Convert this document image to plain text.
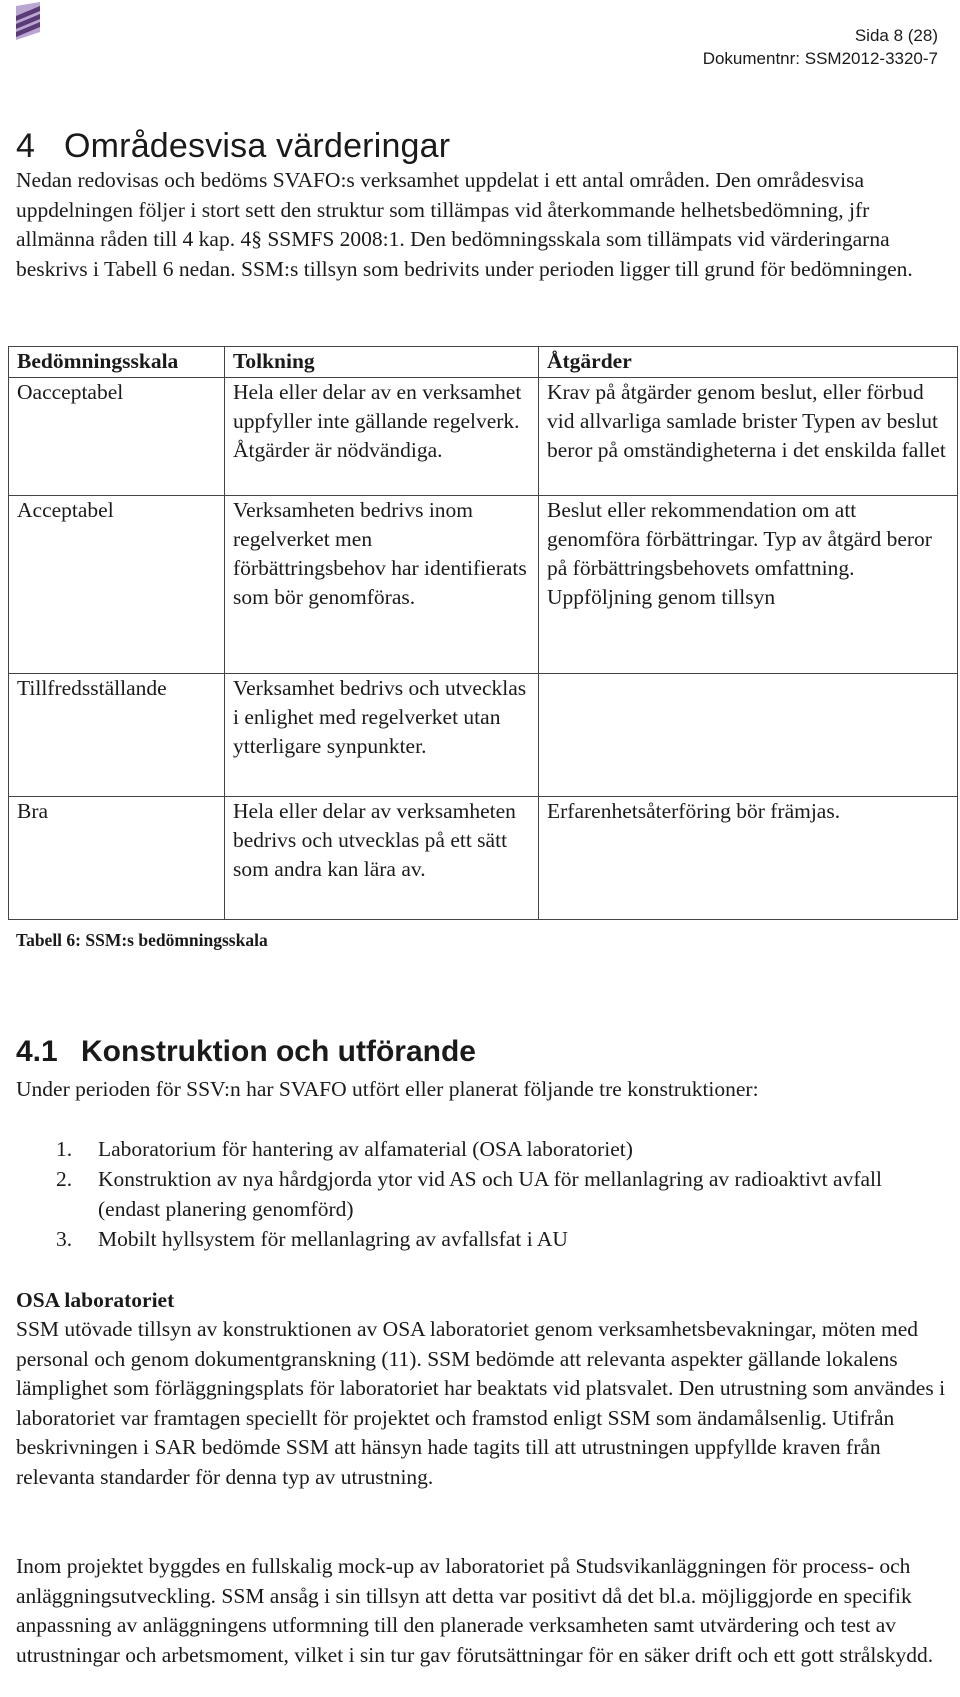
Sida 8 (28)
Dokumentnr: SSM2012-3320-7
4 Områdesvisa värderingar

Nedan redovisas och bedöms SVAFO:s verksamhet uppdelat i ett antal områden. Den områdesvisa uppdelningen följer i stort sett den struktur som tillämpas vid återkommande helhetsbedömning, jfr allmänna råden till 4 kap. 4§ SSMFS 2008:1. Den bedömningsskala som tillämpats vid värderingarna beskrivs i Tabell 6 nedan. SSM:s tillsyn som bedrivits under perioden ligger till grund för bedömningen.

Bedömningsskala	Tolkning	Åtgärder
Oacceptabel	Hela eller delar av en verksamhet uppfyller inte gällande regelverk. Åtgärder är nödvändiga.	Krav på åtgärder genom beslut, eller förbud vid allvarliga samlade brister Typen av beslut beror på omständigheterna i det enskilda fallet
Acceptabel	Verksamheten bedrivs inom regelverket men förbättringsbehov har identifierats som bör genomföras.	Beslut eller rekommendation om att genomföra förbättringar. Typ av åtgärd beror på förbättringsbehovets omfattning. Uppföljning genom tillsyn
Tillfredsställande	Verksamhet bedrivs och utvecklas i enlighet med regelverket utan ytterligare synpunkter.	
Bra	Hela eller delar av verksamheten bedrivs och utvecklas på ett sätt som andra kan lära av.	Erfarenhetsåterföring bör främjas.
Tabell 6: SSM:s bedömningsskala
4.1 Konstruktion och utförande
Under perioden för SSV:n har SVAFO utfört eller planerat följande tre konstruktioner:
1. Laboratorium för hantering av alfamaterial (OSA laboratoriet)
2. Konstruktion av nya hårdgjorda ytor vid AS och UA för mellanlagring av radioaktivt avfall (endast planering genomförd)
3. Mobilt hyllsystem för mellanlagring av avfallsfat i AU
OSA laboratoriet
SSM utövade tillsyn av konstruktionen av OSA laboratoriet genom verksamhetsbevakningar, möten med personal och genom dokumentgranskning (11). SSM bedömde att relevanta aspekter gällande lokalens lämplighet som förläggningsplats för laboratoriet har beaktats vid platsvalet. Den utrustning som användes i laboratoriet var framtagen speciellt för projektet och framstod enligt SSM som ändamålsenlig. Utifrån beskrivningen i SAR bedömde SSM att hänsyn hade tagits till att utrustningen uppfyllde kraven från relevanta standarder för denna typ av utrustning.
Inom projektet byggdes en fullskalig mock-up av laboratoriet på Studsvikanläggningen för process- och anläggningsutveckling. SSM ansåg i sin tillsyn att detta var positivt då det bl.a. möjliggjorde en specifik anpassning av anläggningens utformning till den planerade verksamheten samt utvärdering och test av utrustningar och arbetsmoment, vilket i sin tur gav förutsättningar för en säker drift och ett gott strålskydd.
